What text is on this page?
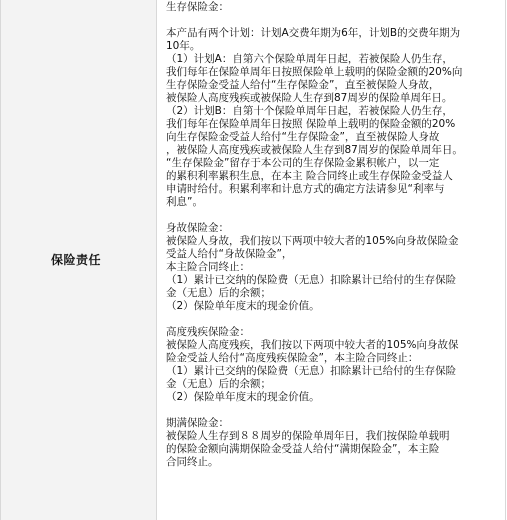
保险责任
生存保险金：
本产品有两个计划：计划A交费年期为6年，计划B的交费年期为
10年。
（1）计划A：自第六个保险单周年日起，若被保险人仍生存，
我们每年在保险单周年日按照保险单上载明的保险金额的20%向
生存保险金受益人给付“生存保险金”，直至被保险人身故，
被保险人高度残疾或被保险人生存到87周岁的保险单周年日。
（2）计划B：自第十个保险单周年日起，若被保险人仍生存，
我们每年在保险单周年日按照 保险单上载明的保险金额的20%
向生存保险金受益人给付“生存保险金”，直至被保险人身故
，被保险人高度残疾或被保险人生存到87周岁的保险单周年日。
“生存保险金”留存于本公司的生存保险金累积帐户，以一定
的累积利率累积生息，在本主 险合同终止或生存保险金受益人
申请时给付。积累利率和计息方式的确定方法请参见“利率与
利息”。
身故保险金：
被保险人身故，我们按以下两项中较大者的105%向身故保险金
受益人给付“身故保险金”，
本主险合同终止：
（1）累计已交纳的保险费（无息）扣除累计已给付的生存保险
金（无息）后的余额；
（2）保险单年度末的现金价值。
高度残疾保险金：
被保险人高度残疾，我们按以下两项中较大者的105%向身故保
险金受益人给付“高度残疾保险金”，本主险合同终止：
（1）累计已交纳的保险费（无息）扣除累计已给付的生存保险
金（无息）后的余额；
（2）保险单年度末的现金价值。
期满保险金：
被保险人生存到８８周岁的保险单周年日，我们按保险单载明
的保险金额向满期保险金受益人给付“满期保险金”，本主险
合同终止。
